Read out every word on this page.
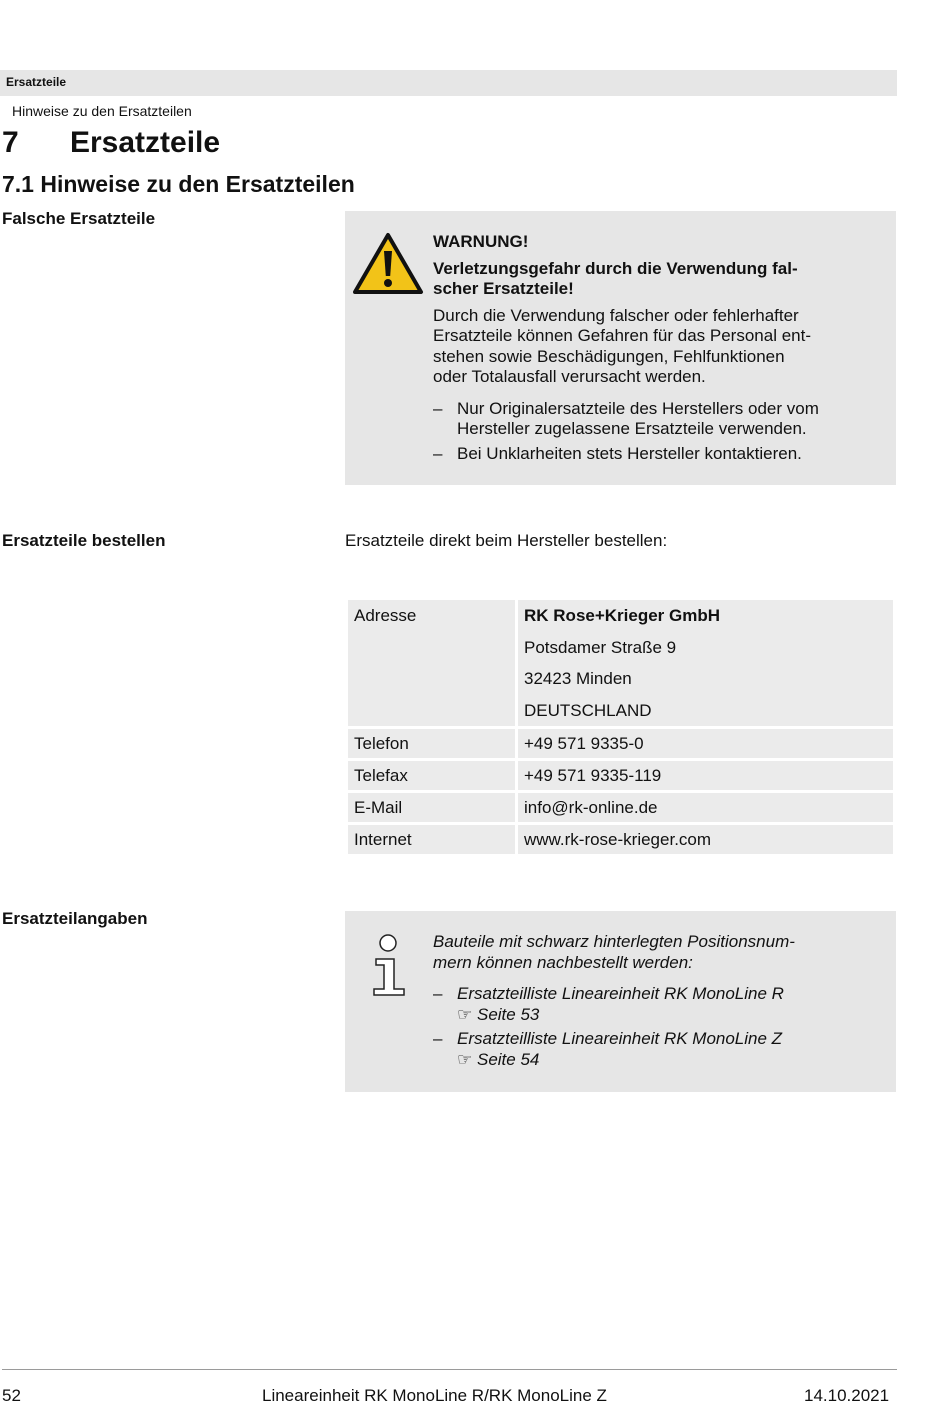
Ersatzteile
Hinweise zu den Ersatzteilen
7 Ersatzteile
7.1 Hinweise zu den Ersatzteilen
Falsche Ersatzteile

WARNUNG!

Verletzungsgefahr durch die Verwendung fal-

scher Ersatzteile!

Durch die Verwendung falscher oder fehlerhafter

Ersatzteile können Gefahren für das Personal ent-

stehen sowie Beschädigungen, Fehlfunktionen

oder Totalausfall verursacht werden.

– Nur Originalersatzteile des Herstellers oder vom

Hersteller zugelassene Ersatzteile verwenden.

– Bei Unklarheiten stets Hersteller kontaktieren.

Ersatzteile bestellen	Ersatzteile direkt beim Hersteller bestellen:
Adresse	RK Rose+Krieger GmbH
Potsdamer Straße 9
32423 Minden
DEUTSCHLAND

Telefon	+49 571 9335-0
Telefax	+49 571 9335-119
E-Mail	info@rk-online.de
Internet	www.rk-rose-krieger.com
Ersatzteilangaben

Bauteile mit schwarz hinterlegten Positionsnum-

mern können nachbestellt werden:

– Ersatzteilliste Lineareinheit RK MonoLine R

☞ Seite 53

– Ersatzteilliste Lineareinheit RK MonoLine Z

☞ Seite 54

52	Lineareinheit RK MonoLine R/RK MonoLine Z	14.10.2021
